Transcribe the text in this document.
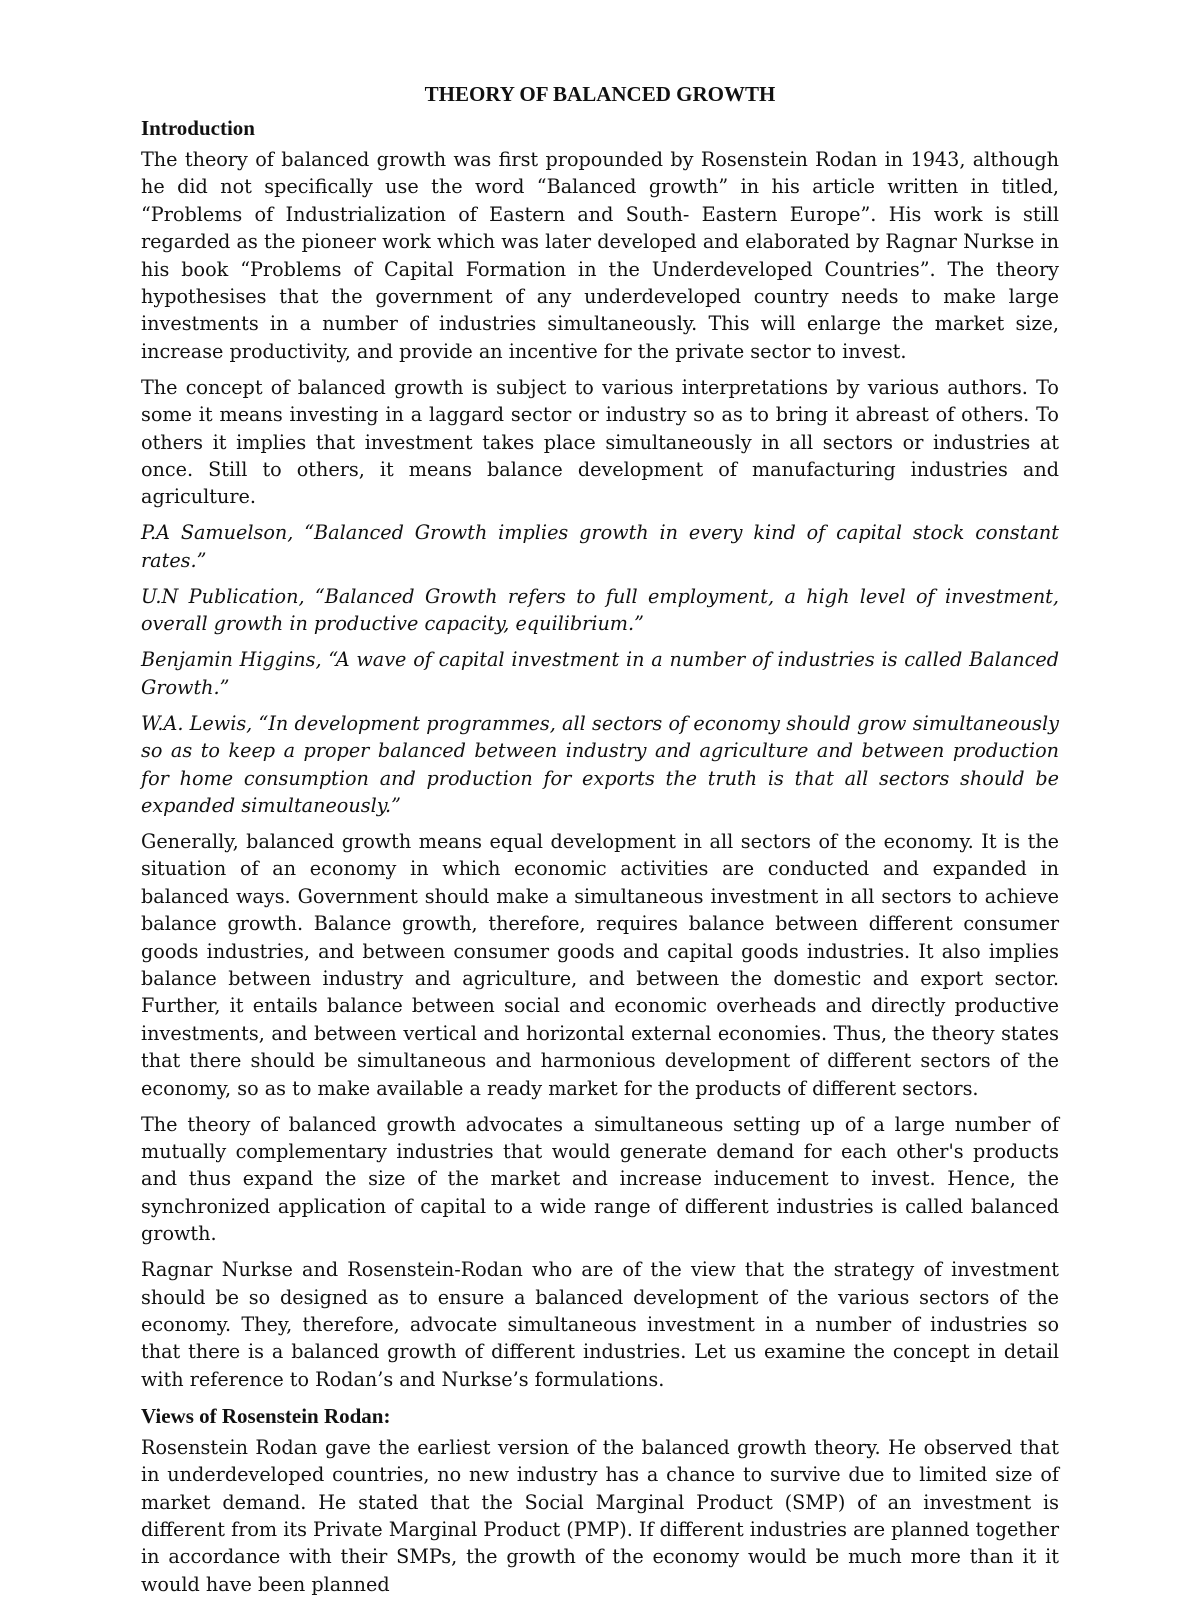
THEORY OF BALANCED GROWTH
Introduction

The theory of balanced growth was first propounded by Rosenstein Rodan in 1943, although he did not specifically use the word “Balanced growth” in his article written in titled, “Problems of Industrialization of Eastern and South- Eastern Europe”. His work is still regarded as the pioneer work which was later developed and elaborated by Ragnar Nurkse in his book “Problems of Capital Formation in the Underdeveloped Countries”. The theory hypothesises that the government of any underdeveloped country needs to make large investments in a number of industries simultaneously. This will enlarge the market size, increase productivity, and provide an incentive for the private sector to invest.

The concept of balanced growth is subject to various interpretations by various authors. To some it means investing in a laggard sector or industry so as to bring it abreast of others. To others it implies that investment takes place simultaneously in all sectors or industries at once. Still to others, it means balance development of manufacturing industries and agriculture.

P.A Samuelson, “Balanced Growth implies growth in every kind of capital stock constant rates.”

U.N Publication, “Balanced Growth refers to full employment, a high level of investment, overall growth in productive capacity, equilibrium.”

Benjamin Higgins, “A wave of capital investment in a number of industries is called Balanced Growth.”

W.A. Lewis, “In development programmes, all sectors of economy should grow simultaneously so as to keep a proper balanced between industry and agriculture and between production for home consumption and production for exports the truth is that all sectors should be expanded simultaneously.”

Generally, balanced growth means equal development in all sectors of the economy. It is the situation of an economy in which economic activities are conducted and expanded in balanced ways. Government should make a simultaneous investment in all sectors to achieve balance growth. Balance growth, therefore, requires balance between different consumer goods industries, and between consumer goods and capital goods industries. It also implies balance between industry and agriculture, and between the domestic and export sector. Further, it entails balance between social and economic overheads and directly productive investments, and between vertical and horizontal external economies. Thus, the theory states that there should be simultaneous and harmonious development of different sectors of the economy, so as to make available a ready market for the products of different sectors.

The theory of balanced growth advocates a simultaneous setting up of a large number of mutually complementary industries that would generate demand for each other's products and thus expand the size of the market and increase inducement to invest. Hence, the synchronized application of capital to a wide range of different industries is called balanced growth.

Ragnar Nurkse and Rosenstein-Rodan who are of the view that the strategy of investment should be so designed as to ensure a balanced development of the various sectors of the economy. They, therefore, advocate simultaneous investment in a number of industries so that there is a balanced growth of different industries. Let us examine the concept in detail with reference to Rodan’s and Nurkse’s formulations.

Views of Rosenstein Rodan:

Rosenstein Rodan gave the earliest version of the balanced growth theory. He observed that in underdeveloped countries, no new industry has a chance to survive due to limited size of market demand. He stated that the Social Marginal Product (SMP) of an investment is different from its Private Marginal Product (PMP). If different industries are planned together in accordance with their SMPs, the growth of the economy would be much more than it it would have been planned
